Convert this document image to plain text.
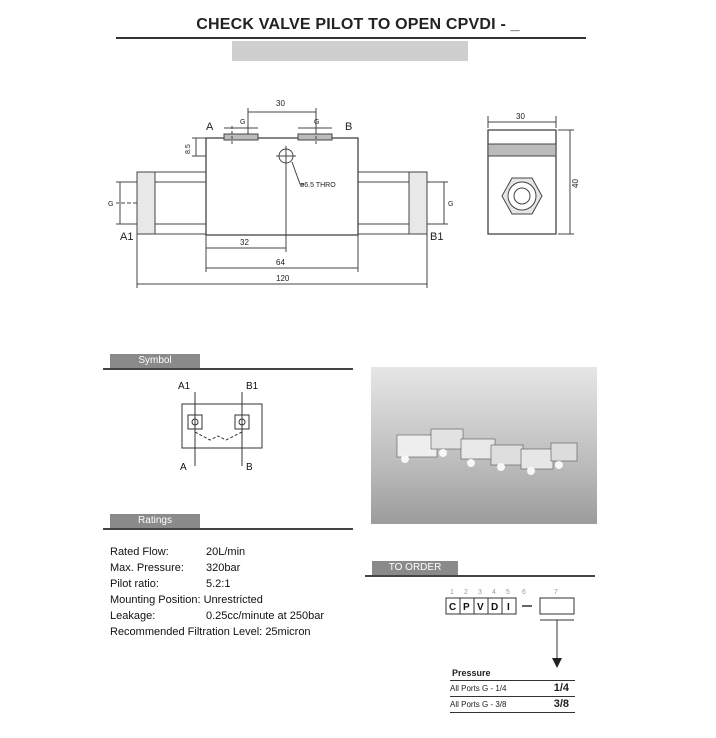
CHECK VALVE PILOT TO OPEN CPVDI - _
30
A	B
G	G
8.5
ø6.5 THRO
G	G
A1	B1
32
64
120
30
40
Symbol
A1	B1
A	B
Ratings
Rated Flow:	20L/min
Max. Pressure: 320bar
Pilot ratio:	5.2:1
Mounting Position: Unrestricted
Leakage:	0.25cc/minute at 250bar
Recommended Filtration Level: 25micron
TO ORDER
1 2 3 4 5 6	7
C P V D I
Pressure
All Ports G - 1/4	1/4
All Ports G - 3/8	3/8
